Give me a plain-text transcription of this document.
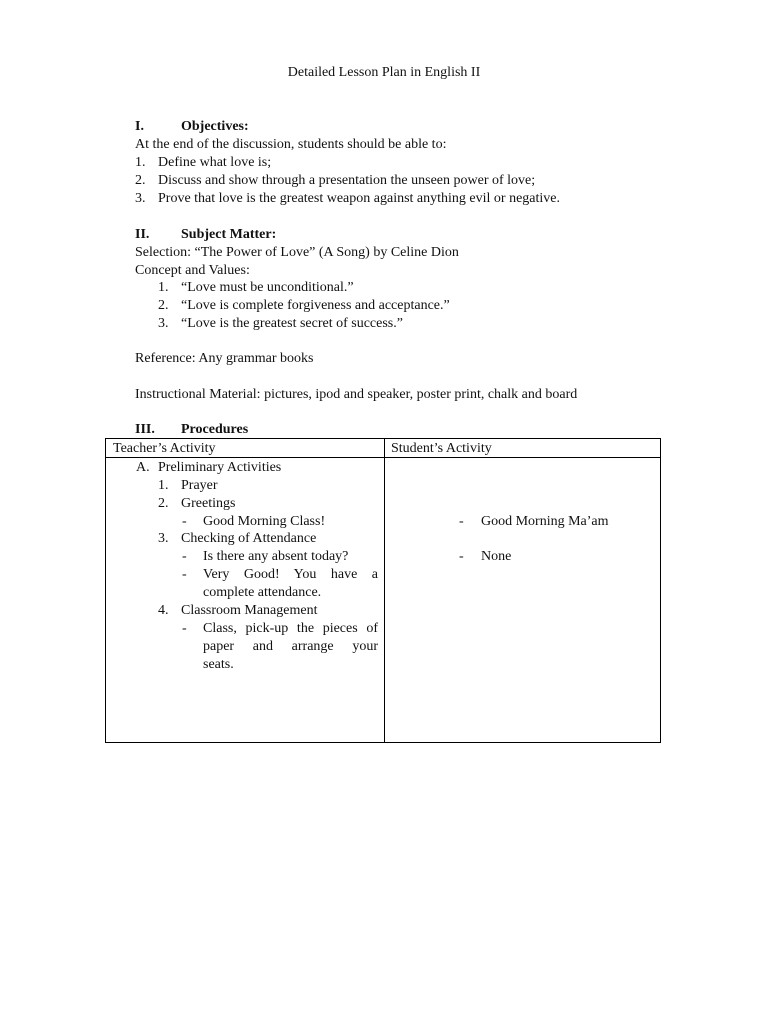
Detailed Lesson Plan in English II
I.	Objectives:
At the end of the discussion, students should be able to:
1. Define what love is;
2. Discuss and show through a presentation the unseen power of love;
3. Prove that love is the greatest weapon against anything evil or negative.
II. Subject Matter:
Selection: “The Power of Love” (A Song) by Celine Dion
Concept and Values:
1. “Love must be unconditional.”
2. “Love is complete forgiveness and acceptance.”
3. “Love is the greatest secret of success.”
Reference: Any grammar books
Instructional Material: pictures, ipod and speaker, poster print, chalk and board
III. Procedures
Teacher’s Activity	Student’s Activity
A. Preliminary Activities
1. Prayer
2. Greetings
- Good Morning Class!
3. Checking of Attendance
- Is there any absent today?
- Very Good! You have a
complete attendance.
4. Classroom Management
- Class, pick-up the pieces of
paper and arrange your
seats.
- Good Morning Ma’am
- None
